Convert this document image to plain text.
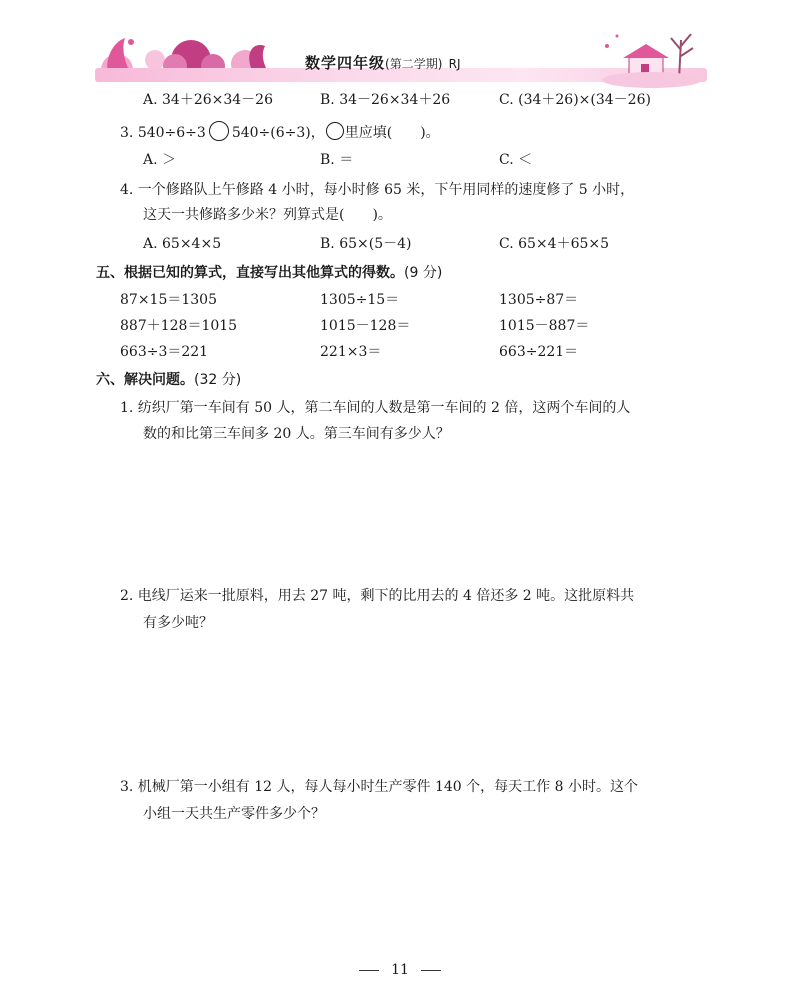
数学四年级(第二学期) RJ
A. 34＋26×34－26	B. 34－26×34＋26	C. (34＋26)×(34－26)
3. 540÷6÷3 540÷(6÷3)， 里应填(　　)。
A. ＞	B. ＝	C. ＜
4. 一个修路队上午修路 4 小时，每小时修 65 米，下午用同样的速度修了 5 小时，
这天一共修路多少米？列算式是(　　)。
A. 65×4×5	B. 65×(5－4)	C. 65×4＋65×5
五、根据已知的算式，直接写出其他算式的得数。(9 分)
87×15＝1305	1305÷15＝	1305÷87＝
887＋128＝1015	1015－128＝	1015－887＝
663÷3＝221	221×3＝	663÷221＝
六、解决问题。(32 分)
1. 纺织厂第一车间有 50 人，第二车间的人数是第一车间的 2 倍，这两个车间的人
数的和比第三车间多 20 人。第三车间有多少人？
2. 电线厂运来一批原料，用去 27 吨，剩下的比用去的 4 倍还多 2 吨。这批原料共
有多少吨？
3. 机械厂第一小组有 12 人，每人每小时生产零件 140 个，每天工作 8 小时。这个
小组一天共生产零件多少个？
11
